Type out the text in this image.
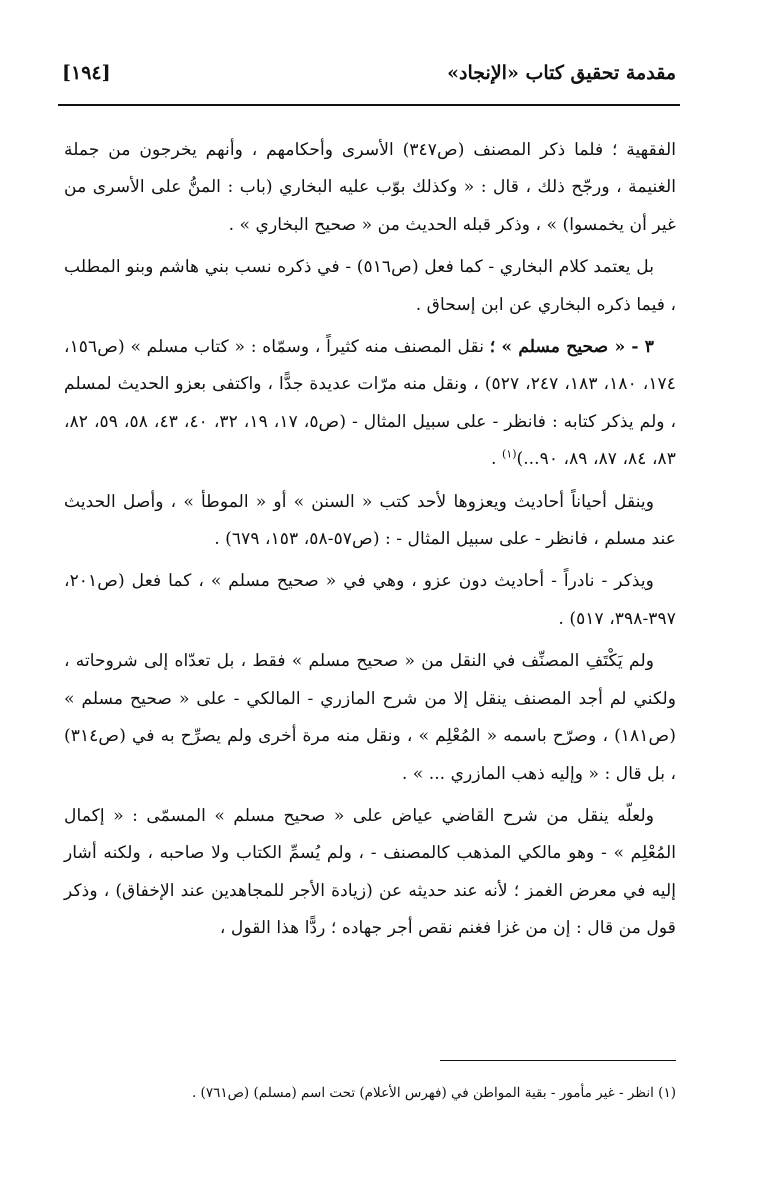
مقدمة تحقيق كتاب «الإنجاد»
[١٩٤]

الفقهية ؛ فلما ذكر المصنف (ص٣٤٧) الأسرى وأحكامهم ، وأنهم يخرجون من جملة الغنيمة ، ورجّح ذلك ، قال : « وكذلك بوّب عليه البخاري (باب : المنُّ على الأسرى من غير أن يخمسوا) » ، وذكر قبله الحديث من « صحيح البخاري » .

بل يعتمد كلام البخاري - كما فعل (ص٥١٦) - في ذكره نسب بني هاشم وبنو المطلب ، فيما ذكره البخاري عن ابن إسحاق .

٣ - « صحيح مسلم » ؛ نقل المصنف منه كثيراً ، وسمّاه : « كتاب مسلم » (ص١٥٦، ١٧٤، ١٨٠، ١٨٣، ٢٤٧، ٥٢٧) ، ونقل منه مرّات عديدة جدًّا ، واكتفى بعزو الحديث لمسلم ، ولم يذكر كتابه : فانظر - على سبيل المثال - (ص٥، ١٧، ١٩، ٣٢، ٤٠، ٤٣، ٥٨، ٥٩، ٨٢، ٨٣، ٨٤، ٨٧، ٨٩، ٩٠...)$^{(١)}$ .

وينقل أحياناً أحاديث ويعزوها لأحد كتب « السنن » أو « الموطأ » ، وأصل الحديث عند مسلم ، فانظر - على سبيل المثال - : (ص٥٧-٥٨، ١٥٣، ٦٧٩) .

ويذكر - نادراً - أحاديث دون عزو ، وهي في « صحيح مسلم » ، كما فعل (ص٢٠١، ٣٩٧-٣٩٨، ٥١٧) .

ولم يَكْتَفِ المصنِّف في النقل من « صحيح مسلم » فقط ، بل تعدّاه إلى شروحاته ، ولكني لم أجد المصنف ينقل إلا من شرح المازري - المالكي - على « صحيح مسلم » (ص١٨١) ، وصرّح باسمه « المُعْلِم » ، ونقل منه مرة أخرى ولم يصرِّح به في (ص٣١٤) ، بل قال : « وإليه ذهب المازري ... » .

ولعلّه ينقل من شرح القاضي عياض على « صحيح مسلم » المسمّى : « إكمال المُعْلِم » - وهو مالكي المذهب كالمصنف - ، ولم يُسمِّ الكتاب ولا صاحبه ، ولكنه أشار إليه في معرض الغمز ؛ لأنه عند حديثه عن (زيادة الأجر للمجاهدين عند الإخفاق) ، وذكر قول من قال : إن من غزا فغنم نقص أجر جهاده ؛ ردًّا هذا القول ،

(١) انظر - غير مأمور - بقية المواطن في (فهرس الأعلام) تحت اسم (مسلم) (ص٧٦١) .
